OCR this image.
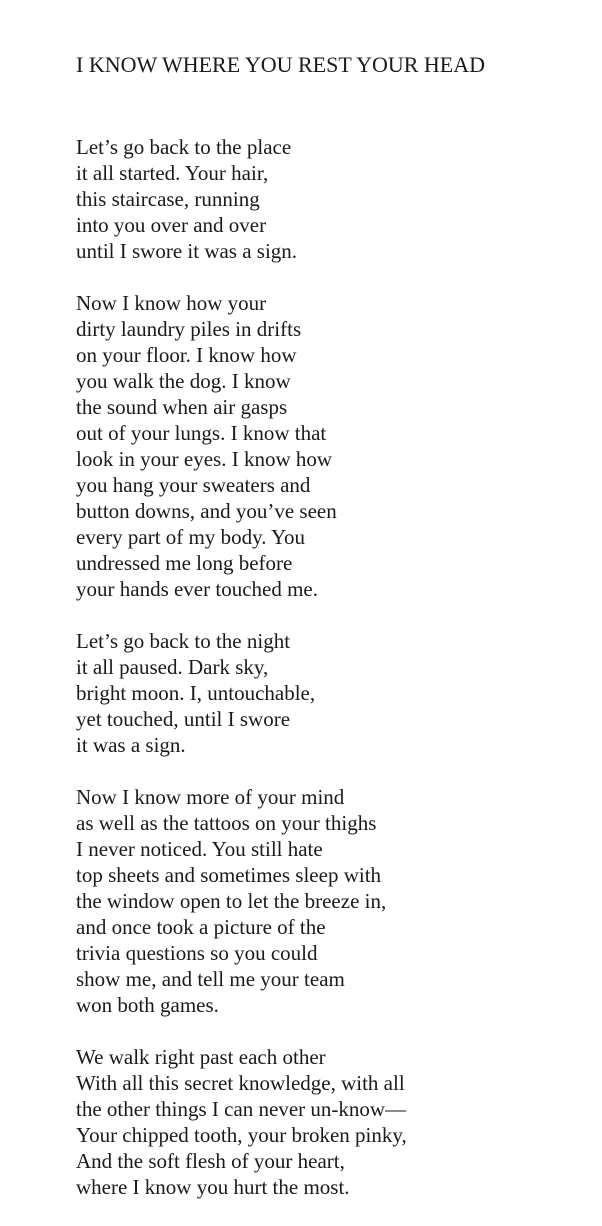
I KNOW WHERE YOU REST YOUR HEAD
Let’s go back to the place
it all started. Your hair,
this staircase, running
into you over and over
until I swore it was a sign.
Now I know how your
dirty laundry piles in drifts
on your floor. I know how
you walk the dog. I know
the sound when air gasps
out of your lungs. I know that
look in your eyes. I know how
you hang your sweaters and
button downs, and you’ve seen
every part of my body. You
undressed me long before
your hands ever touched me.
Let’s go back to the night
it all paused. Dark sky,
bright moon. I, untouchable,
yet touched, until I swore
it was a sign.
Now I know more of your mind
as well as the tattoos on your thighs
I never noticed. You still hate
top sheets and sometimes sleep with
the window open to let the breeze in,
and once took a picture of the
trivia questions so you could
show me, and tell me your team
won both games.
We walk right past each other
With all this secret knowledge, with all
the other things I can never un-know—
Your chipped tooth, your broken pinky,
And the soft flesh of your heart,
where I know you hurt the most.
